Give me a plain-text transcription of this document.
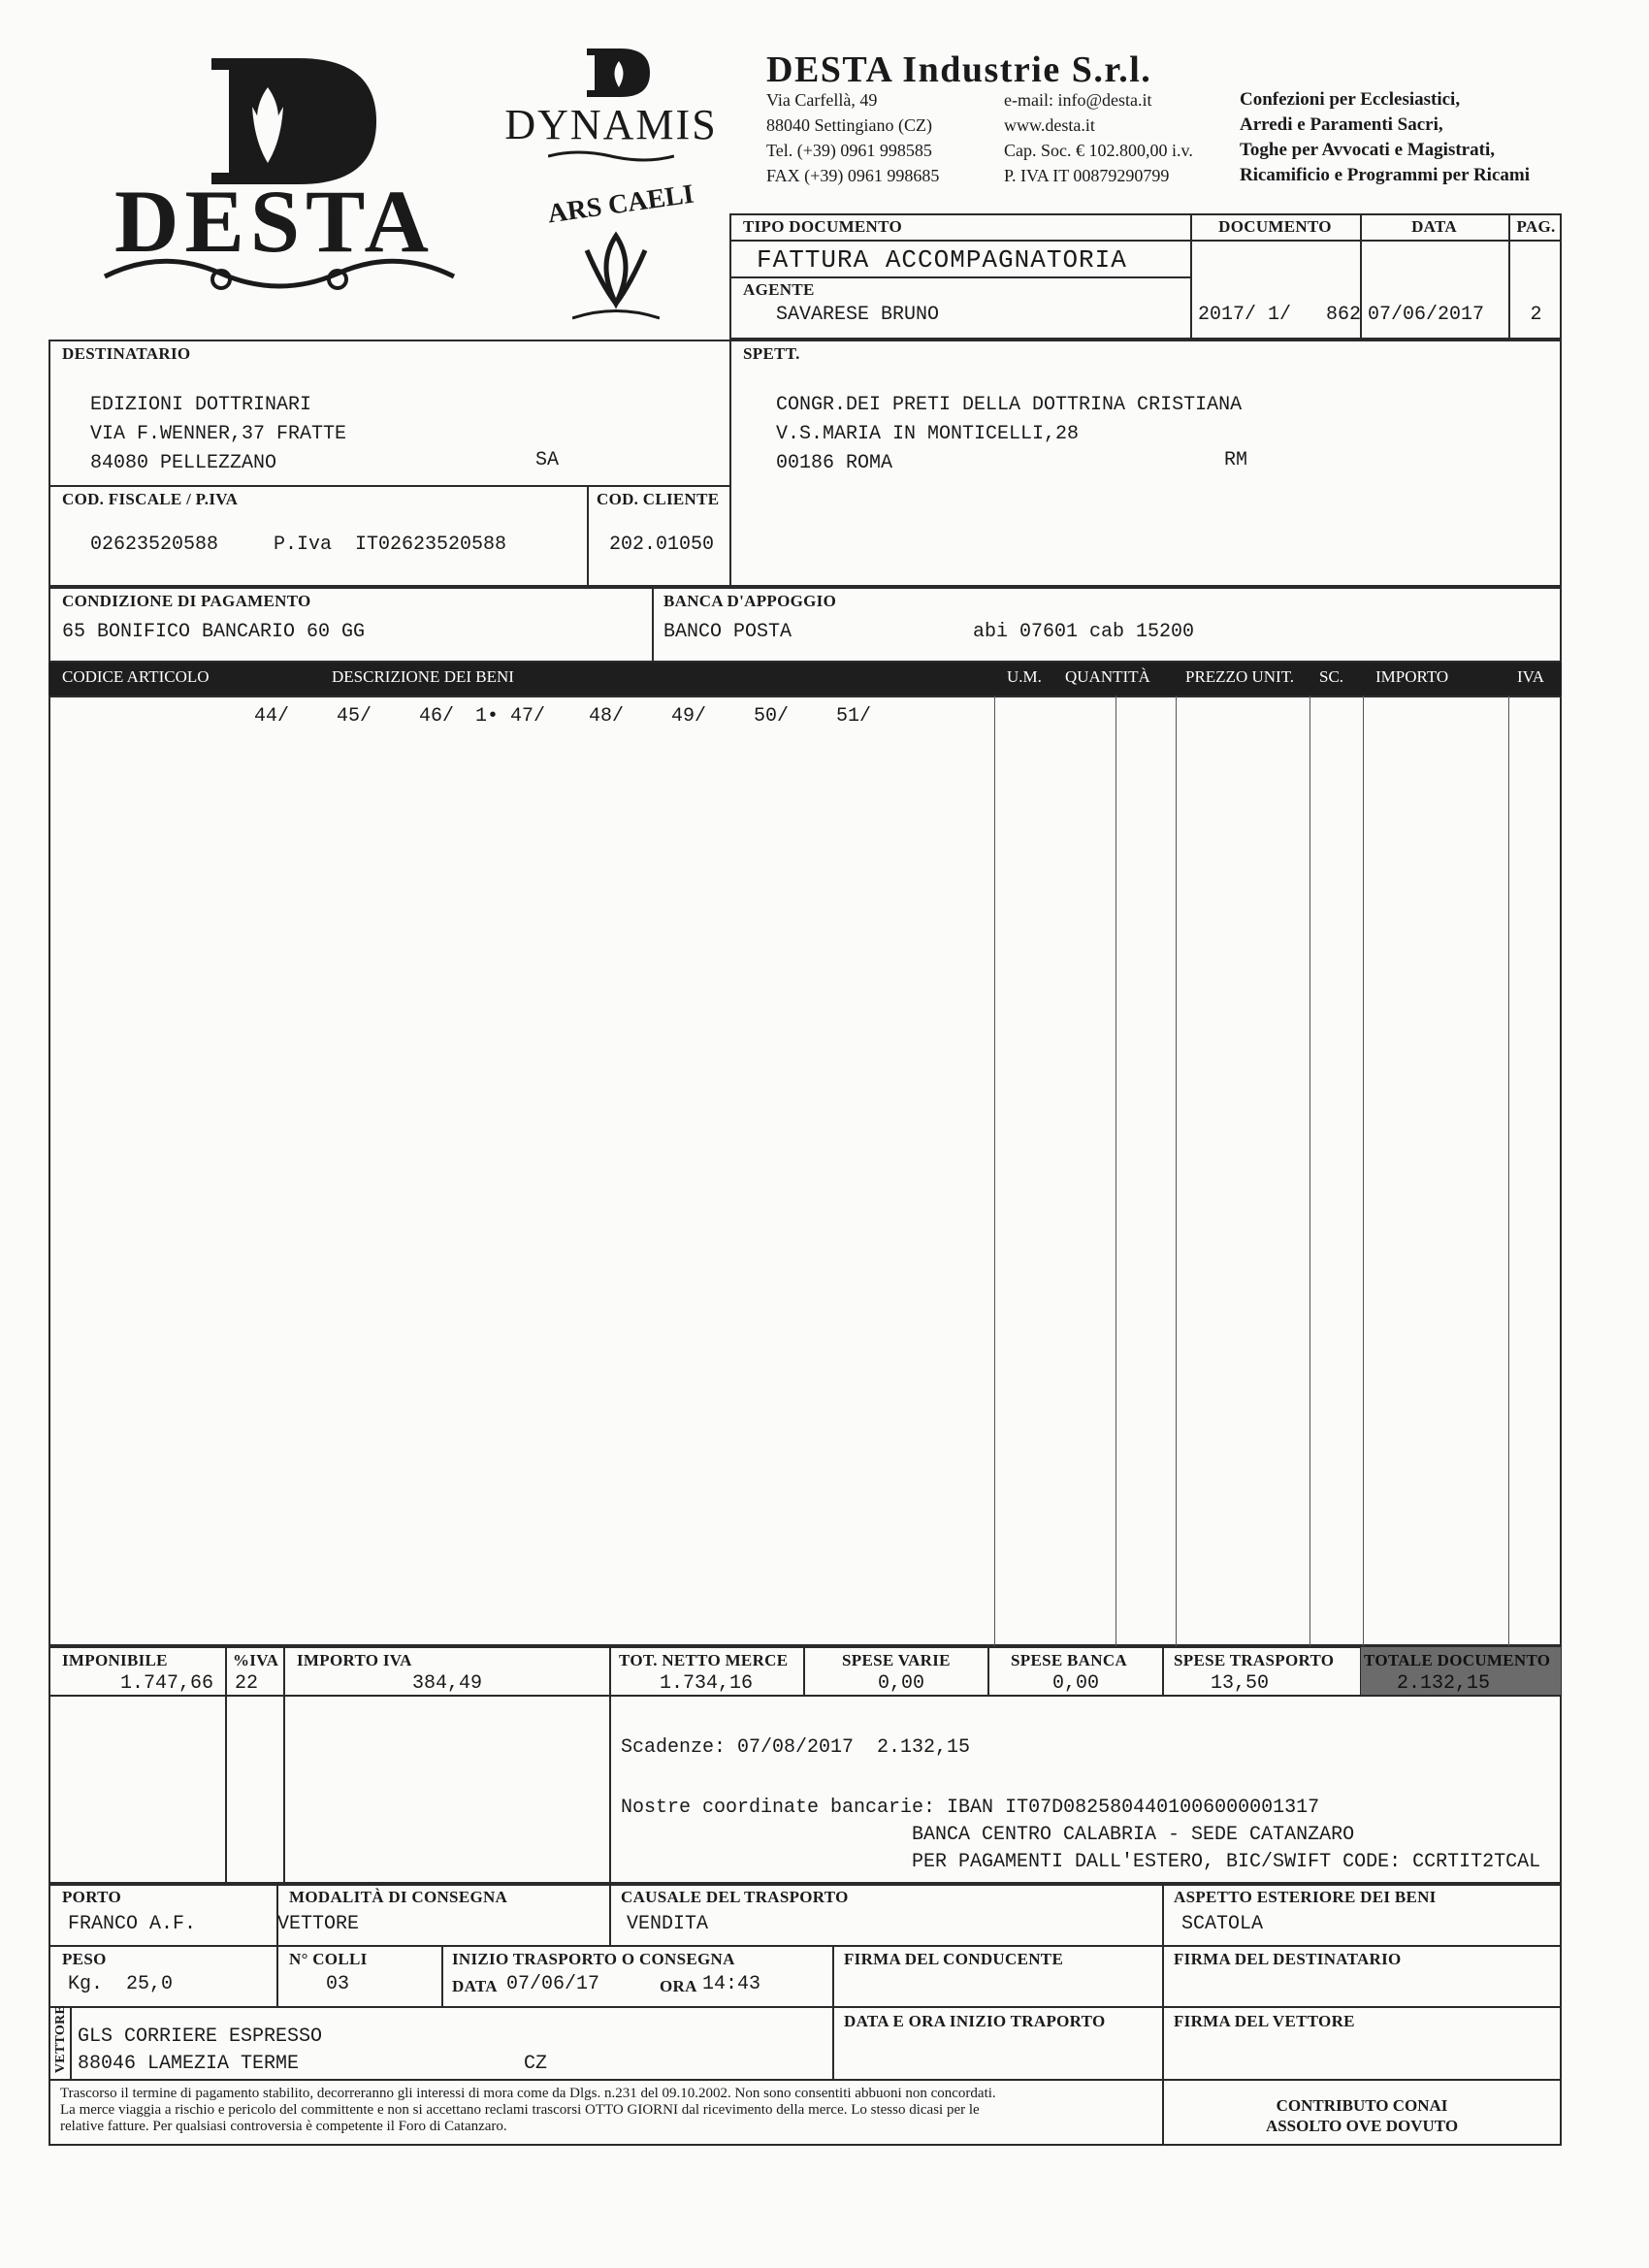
DESTA
DYNAMIS
ARS CAELI
DESTA Industrie S.r.l.
Via Carfellà, 49
88040 Settingiano (CZ)
Tel. (+39) 0961 998585
FAX (+39) 0961 998685
e-mail: info@desta.it
www.desta.it
Cap. Soc. € 102.800,00 i.v.
P. IVA IT 00879290799
Confezioni per Ecclesiastici,
Arredi e Paramenti Sacri,
Toghe per Avvocati e Magistrati,
Ricamificio e Programmi per Ricami
TIPO DOCUMENTO
FATTURA ACCOMPAGNATORIA
AGENTE
SAVARESE BRUNO
DOCUMENTO
2017/ 1/   862
DATA
07/06/2017
PAG.
2
DESTINATARIO
EDIZIONI DOTTRINARI
VIA F.WENNER,37 FRATTE
84080 PELLEZZANO	SA
SPETT.
CONGR.DEI PRETI DELLA DOTTRINA CRISTIANA
V.S.MARIA IN MONTICELLI,28
00186 ROMA	RM
COD. FISCALE / P.IVA
02623520588	P.Iva  IT02623520588
COD. CLIENTE
202.01050
CONDIZIONE DI PAGAMENTO
65 BONIFICO BANCARIO 60 GG
BANCA D'APPOGGIO
BANCO POSTA	abi 07601 cab 15200
CODICE ARTICOLO	DESCRIZIONE DEI BENI	U.M. QUANTITÀ PREZZO UNIT. SC. IMPORTO	IVA
44/ 45/ 46/ 1• 47/ 48/ 49/ 50/ 51/
IMPONIBILE
1.747,66
%IVA
22
IMPORTO IVA
384,49
TOT. NETTO MERCE
1.734,16
SPESE VARIE
0,00
SPESE BANCA
0,00
SPESE TRASPORTO
13,50
TOTALE DOCUMENTO
2.132,15
Scadenze: 07/08/2017  2.132,15
Nostre coordinate bancarie: IBAN IT07D0825804401006000001317
BANCA CENTRO CALABRIA - SEDE CATANZARO
PER PAGAMENTI DALL'ESTERO, BIC/SWIFT CODE: CCRTIT2TCAL
PORTO
FRANCO A.F.
MODALITÀ DI CONSEGNA
VETTORE
CAUSALE DEL TRASPORTO
VENDITA
ASPETTO ESTERIORE DEI BENI
SCATOLA
PESO
Kg.  25,0
N° COLLI
03
INIZIO TRASPORTO O CONSEGNA
DATA 07/06/17	ORA 14:43
FIRMA DEL CONDUCENTE	FIRMA DEL DESTINATARIO
VETTORE GLS CORRIERE ESPRESSO
88046 LAMEZIA TERME	CZ
DATA E ORA INIZIO TRAPORTO	FIRMA DEL VETTORE
Trascorso il termine di pagamento stabilito, decorreranno gli interessi di mora come da Dlgs. n.231 del 09.10.2002. Non sono consentiti abbuoni non concordati.
La merce viaggia a rischio e pericolo del committente e non si accettano reclami trascorsi OTTO GIORNI dal ricevimento della merce. Lo stesso dicasi per le
relative fatture. Per qualsiasi controversia è competente il Foro di Catanzaro.
CONTRIBUTO CONAI
ASSOLTO OVE DOVUTO
